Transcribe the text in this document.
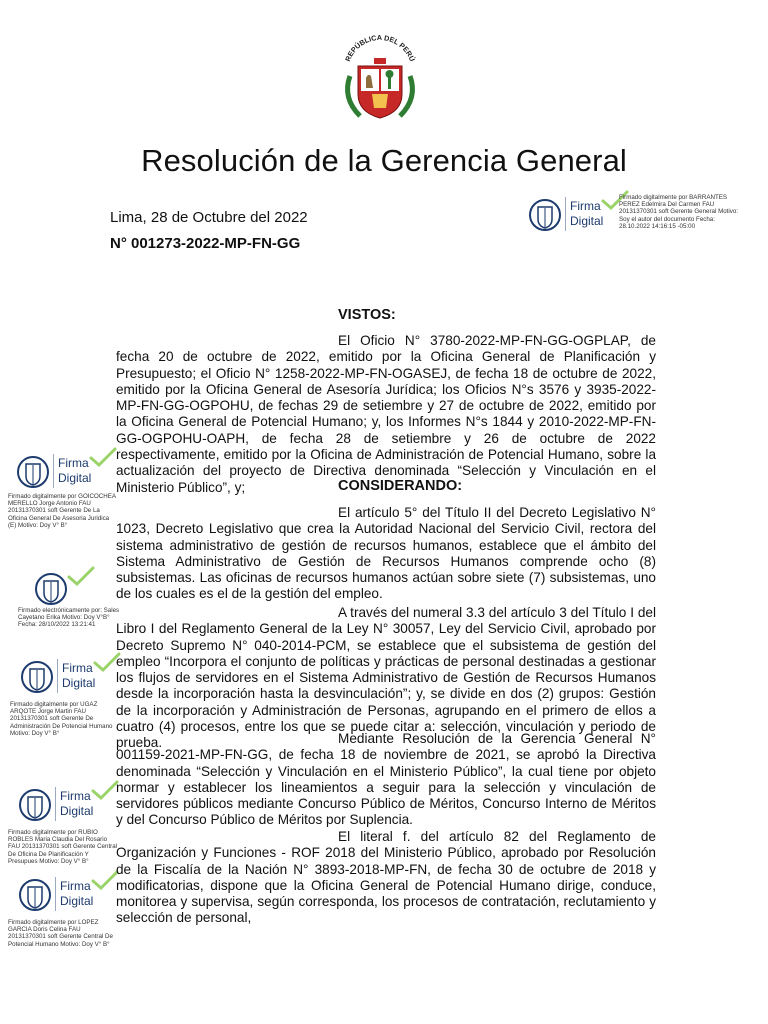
REPÚBLICA DEL PERÚ
Resolución de la Gerencia General
Lima, 28 de Octubre del 2022
N° 001273-2022-MP-FN-GG
Firma
Digital
Firmado digitalmente por BARRANTES PEREZ Edelmira Del Carmen FAU 20131370301 soft Gerente General Motivo: Soy el autor del documento Fecha: 28.10.2022 14:16:15 -05:00
Firma
Digital
Firmado digitalmente por GOICOCHEA MERELLO Jorge Antonio FAU 20131370301 soft Gerente De La Oficina General De Asesoria Juridica (E) Motivo: Doy V° B°
Firmado electrónicamente por: Sales Cayetano Erika Motivo: Doy V°B° Fecha: 28/10/2022 13:21:41
Firma
Digital
Firmado digitalmente por UGAZ ARQOTE Jorge Martin FAU 20131370301 soft Gerente De Administración De Potencial Humano Motivo: Doy V° B°
Firma
Digital
Firmado digitalmente por RUBIO ROBLES Maria Claudia Del Rosario FAU 20131370301 soft Gerente Central De Oficina De Planificación Y Presupues Motivo: Doy V° B°
Firma
Digital
Firmado digitalmente por LOPEZ GARCIA Doris Celina FAU 20131370301 soft Gerente Central De Potencial Humano Motivo: Doy V° B°
VISTOS:
El Oficio N° 3780-2022-MP-FN-GG-OGPLAP, de fecha 20 de octubre de 2022, emitido por la Oficina General de Planificación y Presupuesto; el Oficio N° 1258-2022-MP-FN-OGASEJ, de fecha 18 de octubre de 2022, emitido por la Oficina General de Asesoría Jurídica; los Oficios N°s 3576 y 3935-2022-MP-FN-GG-OGPOHU, de fechas 29 de setiembre y 27 de octubre de 2022, emitido por la Oficina General de Potencial Humano; y, los Informes N°s 1844 y 2010-2022-MP-FN-GG-OGPOHU-OAPH, de fecha 28 de setiembre y 26 de octubre de 2022 respectivamente, emitido por la Oficina de Administración de Potencial Humano, sobre la actualización del proyecto de Directiva denominada “Selección y Vinculación en el Ministerio Público”, y;	CONSIDERANDO:
El artículo 5° del Título II del Decreto Legislativo N° 1023, Decreto Legislativo que crea la Autoridad Nacional del Servicio Civil, rectora del sistema administrativo de gestión de recursos humanos, establece que el ámbito del Sistema Administrativo de Gestión de Recursos Humanos comprende ocho (8) subsistemas. Las oficinas de recursos humanos actúan sobre siete (7) subsistemas, uno de los cuales es el de la gestión del empleo.
A través del numeral 3.3 del artículo 3 del Título I del Libro I del Reglamento General de la Ley N° 30057, Ley del Servicio Civil, aprobado por Decreto Supremo N° 040-2014-PCM, se establece que el subsistema de gestión del empleo “Incorpora el conjunto de políticas y prácticas de personal destinadas a gestionar los flujos de servidores en el Sistema Administrativo de Gestión de Recursos Humanos desde la incorporación hasta la desvinculación”; y, se divide en dos (2) grupos: Gestión de la incorporación y Administración de Personas, agrupando en el primero de ellos a cuatro (4) procesos, entre los que se puede citar a: selección, vinculación y periodo de prueba.	Mediante Resolución de la Gerencia General N° 001159-2021-MP-FN-GG, de fecha 18 de noviembre de 2021, se aprobó la Directiva denominada “Selección y Vinculación en el Ministerio Público”, la cual tiene por objeto normar y establecer los lineamientos a seguir para la selección y vinculación de servidores públicos mediante Concurso Público de Méritos, Concurso Interno de Méritos y del Concurso Público de Méritos por Suplencia.
El literal f. del artículo 82 del Reglamento de Organización y Funciones - ROF 2018 del Ministerio Público, aprobado por Resolución de la Fiscalía de la Nación N° 3893-2018-MP-FN, de fecha 30 de octubre de 2018 y modificatorias, dispone que la Oficina General de Potencial Humano dirige, conduce, monitorea y supervisa, según corresponda, los procesos de contratación, reclutamiento y selección de personal,
